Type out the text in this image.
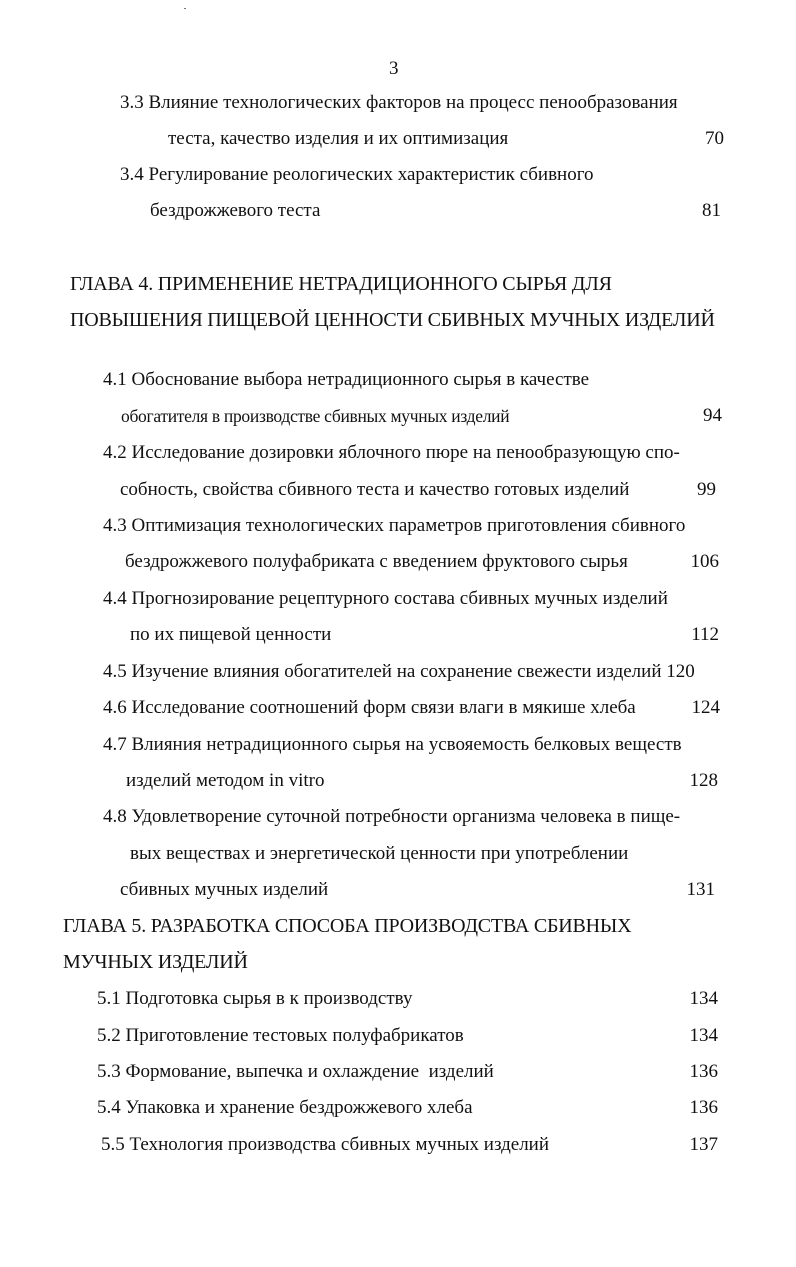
3
3.3 Влияние технологических факторов на процесс пенообразования
теста, качество изделия и их оптимизация	70
3.4 Регулирование реологических характеристик сбивного
бездрожжевого теста	81
ГЛАВА 4. ПРИМЕНЕНИЕ НЕТРАДИЦИОННОГО СЫРЬЯ ДЛЯ
ПОВЫШЕНИЯ ПИЩЕВОЙ ЦЕННОСТИ СБИВНЫХ МУЧНЫХ ИЗДЕЛИЙ
4.1 Обоснование выбора нетрадиционного сырья в качестве
обогатителя в производстве сбивных мучных изделий	94
4.2 Исследование дозировки яблочного пюре на пенообразующую спо-
собность, свойства сбивного теста и качество готовых изделий	99
4.3 Оптимизация технологических параметров приготовления сбивного
бездрожжевого полуфабриката с введением фруктового сырья	106
4.4 Прогнозирование рецептурного состава сбивных мучных изделий
по их пищевой ценности	112
4.5 Изучение влияния обогатителей на сохранение свежести изделий 120
4.6 Исследование соотношений форм связи влаги в мякише хлеба	124
4.7 Влияния нетрадиционного сырья на усвояемость белковых веществ
изделий методом in vitro	128
4.8 Удовлетворение суточной потребности организма человека в пище-
вых веществах и энергетической ценности при употреблении
сбивных мучных изделий	131
ГЛАВА 5. РАЗРАБОТКА СПОСОБА ПРОИЗВОДСТВА СБИВНЫХ
МУЧНЫХ ИЗДЕЛИЙ
5.1 Подготовка сырья в к производству	134
5.2 Приготовление тестовых полуфабрикатов	134
5.3 Формование, выпечка и охлаждение  изделий	136
5.4 Упаковка и хранение бездрожжевого хлеба	136
5.5 Технология производства сбивных мучных изделий	137
